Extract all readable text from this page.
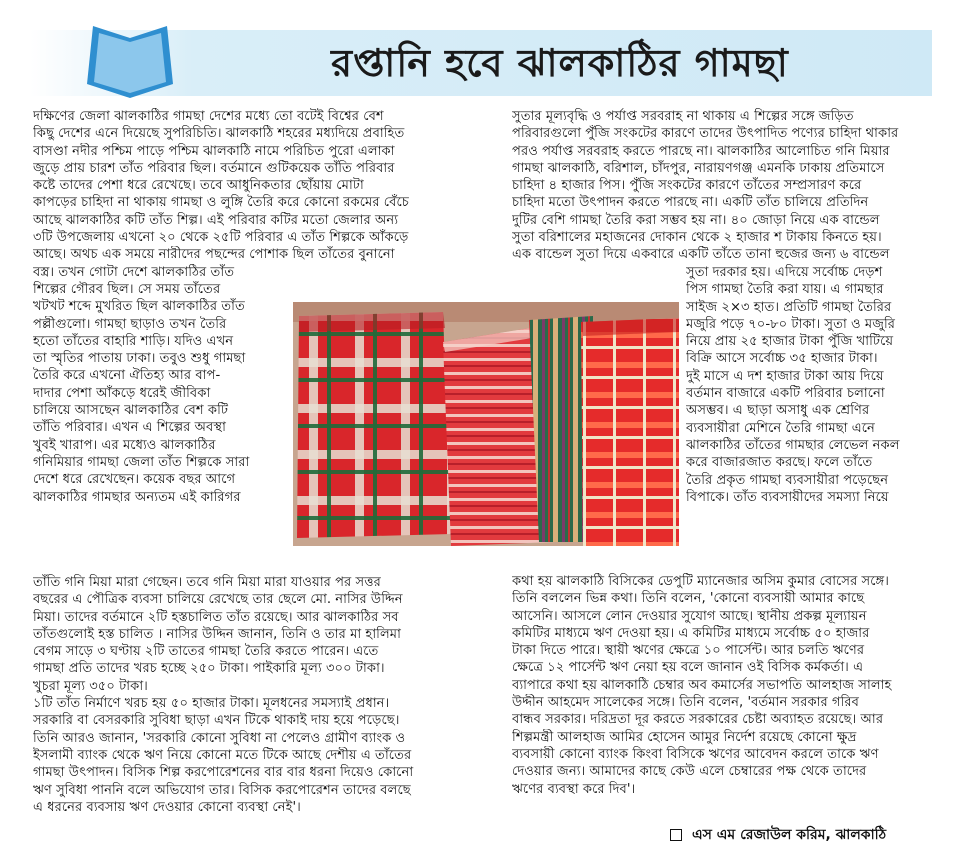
রপ্তানি হবে ঝালকাঠির গামছা
দক্ষিণের জেলা ঝালকাঠির গামছা দেশের মধ্যে তো বটেই বিশ্বের বেশ
কিছু দেশের এনে দিয়েছে সুপরিচিতি। ঝালকাঠি শহরের মধ্যদিয়ে প্রবাহিত
বাসণ্ডা নদীর পশ্চিম পাড়ে পশ্চিম ঝালকাঠি নামে পরিচিত পুরো এলাকা
জুড়ে প্রায় চারশ তাঁত পরিবার ছিল। বর্তমানে গুটিকয়েক তাঁতি পরিবার
কষ্টে তাদের পেশা ধরে রেখেছে। তবে আধুনিকতার ছোঁয়ায় মোটা
কাপড়ের চাহিদা না থাকায় গামছা ও লুঙ্গি তৈরি করে কোনো রকমের বেঁচে
আছে ঝালকাঠির কটি তাঁত শিল্প। এই পরিবার কটির মতো জেলার অন্য
৩টি উপজেলায় এখনো ২০ থেকে ২৫টি পরিবার এ তাঁত শিল্পকে আঁকড়ে
আছে। অথচ এক সময়ে নারীদের পছন্দের পোশাক ছিল তাঁতের বুনানো
বস্ত্র। তখন গোটা দেশে ঝালকাঠির তাঁত
শিল্পের গৌরব ছিল। সে সময় তাঁতের
খটখট শব্দে মুখরিত ছিল ঝালকাঠির তাঁত
পল্লীগুলো। গামছা ছাড়াও তখন তৈরি
হতো তাঁতের বাহারি শাড়ি। যদিও এখন
তা স্মৃতির পাতায় ঢাকা। তবুও শুধু গামছা
তৈরি করে এখনো ঐতিহ্য আর বাপ-
দাদার পেশা আঁকড়ে ধরেই জীবিকা
চালিয়ে আসছেন ঝালকাঠির বেশ কটি
তাঁতি পরিবার। এখন এ শিল্পের অবস্থা
খুবই খারাপ। এর মধ্যেও ঝালকাঠির
গনিমিয়ার গামছা জেলা তাঁত শিল্পকে সারা
দেশে ধরে রেখেছেন। কয়েক বছর আগে
ঝালকাঠির গামছার অন্যতম এই কারিগর
তাঁতি গনি মিয়া মারা গেছেন। তবে গনি মিয়া মারা যাওয়ার পর সত্তর
বছরের এ পৌত্রিক ব্যবসা চালিয়ে রেখেছে তার ছেলে মো. নাসির উদ্দিন
মিয়া। তাদের বর্তমানে ২টি হস্তচালিত তাঁত রয়েছে। আর ঝালকাঠির সব
তাঁতগুলোই হস্ত চালিত । নাসির উদ্দিন জানান, তিনি ও তার মা হালিমা
বেগম সাড়ে ৩ ঘণ্টায় ২টি তাতের গামছা তৈরি করতে পারেন। এতে
গামছা প্রতি তাদের খরচ হচ্ছে ২৫০ টাকা। পাইকারি মূল্য ৩০০ টাকা।
খুচরা মূল্য ৩৫০ টাকা।
১টি তাঁত নির্মাণে খরচ হয় ৫০ হাজার টাকা। মূলধনের সমস্যাই প্রধান।
সরকারি বা বেসরকারি সুবিধা ছাড়া এখন টিকে থাকাই দায় হয়ে পড়েছে।
তিনি আরও জানান, 'সরকারি কোনো সুবিধা না পেলেও গ্রামীণ ব্যাংক ও
ইসলামী ব্যাংক থেকে ঋণ নিয়ে কোনো মতে টিকে আছে দেশীয় এ তাঁতের
গামছা উৎপাদন। বিসিক শিল্প করপোরেশনের বার বার ধরনা দিয়েও কোনো
ঋণ সুবিধা পাননি বলে অভিযোগ তার। বিসিক করপোরেশন তাদের বলছে
এ ধরনের ব্যবসায় ঋণ দেওয়ার কোনো ব্যবস্থা নেই'।
সুতার মূল্যবৃদ্ধি ও পর্যাপ্ত সরবরাহ না থাকায় এ শিল্পের সঙ্গে জড়িত
পরিবারগুলো পুঁজি সংকটের কারণে তাদের উৎপাদিত পণ্যের চাহিদা থাকার
পরও পর্যাপ্ত সরবরাহ করতে পারছে না। ঝালকাঠির আলোচিত গনি মিয়ার
গামছা ঝালকাঠি, বরিশাল, চাঁদপুর, নারায়ণগঞ্জ এমনকি ঢাকায় প্রতিমাসে
চাহিদা ৪ হাজার পিস। পুঁজি সংকটের কারণে তাঁতের সম্প্রসারণ করে
চাহিদা মতো উৎপাদন করতে পারছে না। একটি তাঁত চালিয়ে প্রতিদিন
দুটির বেশি গামছা তৈরি করা সম্ভব হয় না। ৪০ জোড়া নিয়ে এক বান্ডেল
সুতা বরিশালের মহাজনের দোকান থেকে ২ হাজার শ টাকায় কিনতে হয়।
এক বান্ডেল সুতা দিয়ে একবারে একটি তাঁতে তানা হুজের জন্য ৬ বান্ডেল
সুতা দরকার হয়। এদিয়ে সর্বোচ্চ দেড়শ
পিস গামছা তৈরি করা যায়। এ গামছার
সাইজ ২×৩ হাত। প্রতিটি গামছা তৈরির
মজুরি পড়ে ৭০-৮০ টাকা। সুতা ও মজুরি
নিয়ে প্রায় ২৫ হাজার টাকা পুঁজি খাটিয়ে
বিক্রি আসে সর্বোচ্চ ৩৫ হাজার টাকা।
দুই মাসে এ দশ হাজার টাকা আয় দিয়ে
বর্তমান বাজারে একটি পরিবার চলানো
অসম্ভব। এ ছাড়া অসাধু এক শ্রেণির
ব্যবসায়ীরা মেশিনে তৈরি গামছা এনে
ঝালকাঠির তাঁতের গামছার লেভেল নকল
করে বাজারজাত করছে। ফলে তাঁতে
তৈরি প্রকৃত গামছা ব্যবসায়ীরা পড়েছেন
বিপাকে। তাঁত ব্যবসায়ীদের সমস্যা নিয়ে
কথা হয় ঝালকাঠি বিসিকের ডেপুটি ম্যানেজার অসিম কুমার বোসের সঙ্গে।
তিনি বললেন ভিন্ন কথা। তিনি বলেন, 'কোনো ব্যবসায়ী আমার কাছে
আসেনি। আসলে লোন দেওয়ার সুযোগ আছে। স্থানীয় প্রকল্প মূল্যায়ন
কমিটির মাধ্যমে ঋণ দেওয়া হয়। এ কমিটির মাধ্যমে সর্বোচ্চ ৫০ হাজার
টাকা দিতে পারে। স্থায়ী ঋণের ক্ষেত্রে ১০ পার্সেন্ট। আর চলতি ঋণের
ক্ষেত্রে ১২ পার্সেন্ট ঋণ নেয়া হয় বলে জানান ওই বিসিক কর্মকর্তা। এ
ব্যাপারে কথা হয় ঝালকাঠি চেম্বার অব কমার্সের সভাপতি আলহাজ সালাহ
উদ্দীন আহমেদ সালেকের সঙ্গে। তিনি বলেন, 'বর্তমান সরকার গরিব
বান্ধব সরকার। দরিদ্রতা দূর করতে সরকারের চেষ্টা অব্যাহত রয়েছে। আর
শিল্পমন্ত্রী আলহাজ আমির হোসেন আমুর নির্দেশ রয়েছে কোনো ক্ষুদ্র
ব্যবসায়ী কোনো ব্যাংক কিংবা বিসিকে ঋণের আবেদন করলে তাকে ঋণ
দেওয়ার জন্য। আমাদের কাছে কেউ এলে চেম্বারের পক্ষ থেকে তাদের
ঋণের ব্যবস্থা করে দিব'।
এস এম রেজাউল করিম, ঝালকাঠি
